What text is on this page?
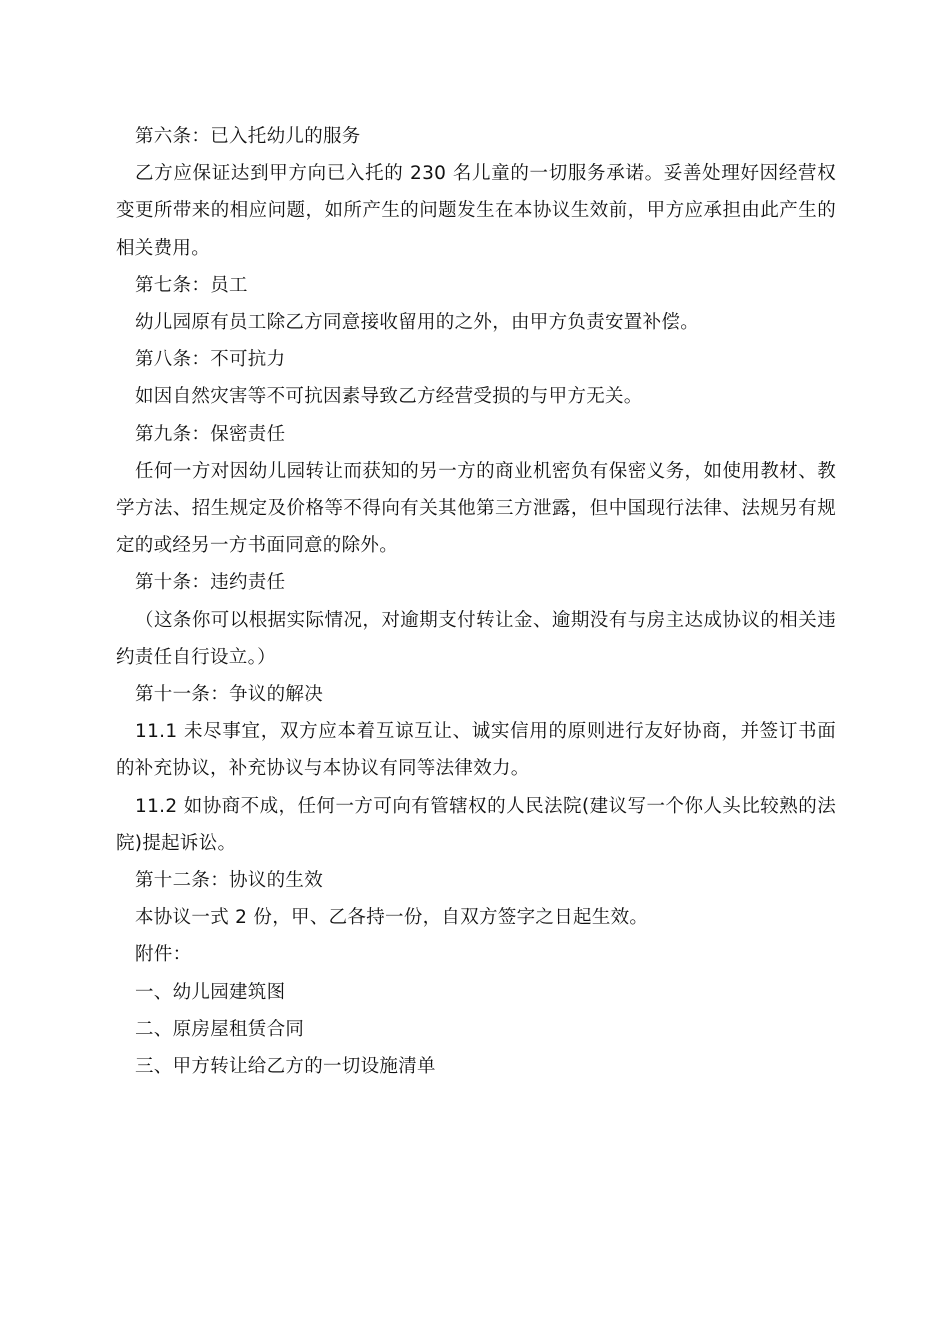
第六条：已入托幼儿的服务

乙方应保证达到甲方向已入托的 230 名儿童的一切服务承诺。妥善处理好因经营权变更所带来的相应问题，如所产生的问题发生在本协议生效前，甲方应承担由此产生的相关费用。

第七条：员工

幼儿园原有员工除乙方同意接收留用的之外，由甲方负责安置补偿。

第八条：不可抗力

如因自然灾害等不可抗因素导致乙方经营受损的与甲方无关。

第九条：保密责任

任何一方对因幼儿园转让而获知的另一方的商业机密负有保密义务，如使用教材、教学方法、招生规定及价格等不得向有关其他第三方泄露，但中国现行法律、法规另有规定的或经另一方书面同意的除外。

第十条：违约责任

（这条你可以根据实际情况，对逾期支付转让金、逾期没有与房主达成协议的相关违约责任自行设立。）

第十一条：争议的解决

11.1 未尽事宜，双方应本着互谅互让、诚实信用的原则进行友好协商，并签订书面的补充协议，补充协议与本协议有同等法律效力。

11.2 如协商不成，任何一方可向有管辖权的人民法院(建议写一个你人头比较熟的法院)提起诉讼。

第十二条：协议的生效

本协议一式 2 份，甲、乙各持一份，自双方签字之日起生效。

附件：

一、幼儿园建筑图

二、原房屋租赁合同

三、甲方转让给乙方的一切设施清单
